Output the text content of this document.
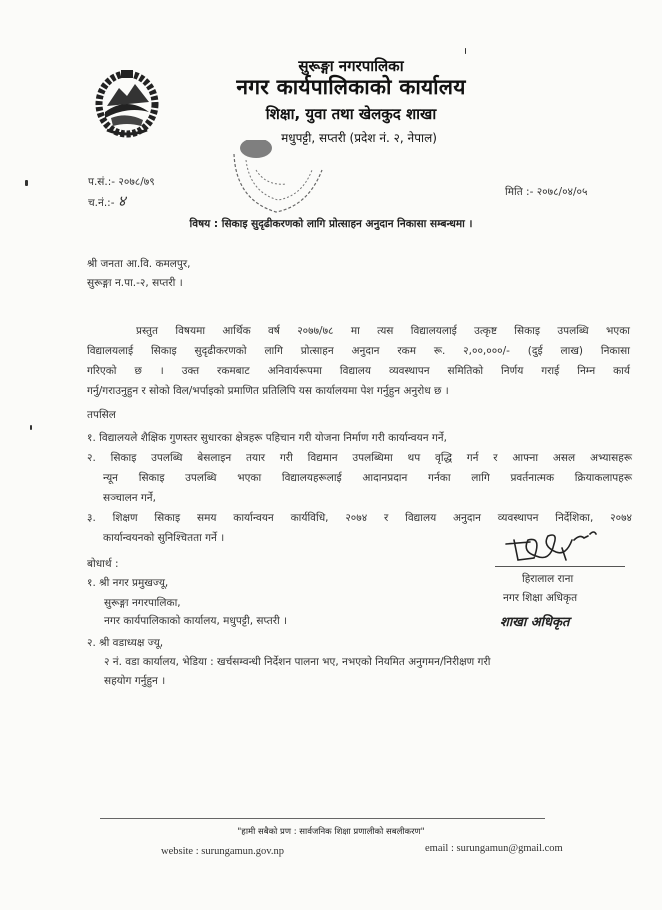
सुरूङ्गा नगरपालिका
नगर कार्यपालिकाको कार्यालय
शिक्षा, युवा तथा खेलकुद शाखा
मधुपट्टी, सप्तरी (प्रदेश नं. २, नेपाल)
प.सं.:- २०७८/७९
च.नं.:- ४	मिति :- २०७८/०४/०५
विषय : सिकाइ सुदृढीकरणको लागि प्रोत्साहन अनुदान निकासा सम्बन्धमा ।
श्री जनता आ.वि. कमलपुर,
सुरूङ्गा न.पा.-२, सप्तरी ।
प्रस्तुत विषयमा आर्थिक वर्ष २०७७/७८ मा त्यस विद्यालयलाई उत्कृष्ट सिकाइ उपलब्धि भएका
विद्यालयलाई सिकाइ सुदृढीकरणको लागि प्रोत्साहन अनुदान रकम रू. २,००,०००/- (दुई लाख) निकासा
गरिएको छ । उक्त रकमबाट अनिवार्यरूपमा विद्यालय व्यवस्थापन समितिको निर्णय गराई निम्न कार्य
गर्नु/गराउनुहुन र सोको विल/भर्पाइको प्रमाणित प्रतिलिपि यस कार्यालयमा पेश गर्नुहुन अनुरोध छ ।
तपसिल
१. विद्यालयले शैक्षिक गुणस्तर सुधारका क्षेत्रहरू पहिचान गरी योजना निर्माण गरी कार्यान्वयन गर्ने,
२. सिकाइ उपलब्धि बेसलाइन तयार गरी विद्यमान उपलब्धिमा थप वृद्धि गर्न र आफ्ना असल अभ्यासहरू
न्यून सिकाइ उपलब्धि भएका विद्यालयहरूलाई आदानप्रदान गर्नका लागि प्रवर्तनात्मक क्रियाकलापहरू
सञ्चालन गर्ने,
३. शिक्षण सिकाइ समय कार्यान्वयन कार्यविधि, २०७४ र विद्यालय अनुदान व्यवस्थापन निर्देशिका, २०७४
कार्यान्वयनको सुनिश्चितता गर्ने ।
हिरालाल राना
नगर शिक्षा अधिकृत
शाखा अधिकृत
बोधार्थ :
१. श्री नगर प्रमुखज्यू,
सुरूङ्गा नगरपालिका,
नगर कार्यपालिकाको कार्यालय, मधुपट्टी, सप्तरी ।
२. श्री वडाध्यक्ष ज्यू,
२ नं. वडा कार्यालय, भेडिया : खर्चसम्वन्धी निर्देशन पालना भए, नभएको नियमित अनुगमन/निरीक्षण गरी
सहयोग गर्नुहुन ।
"हामी सबैको प्रण : सार्वजनिक शिक्षा प्रणालीको सबलीकरण"
website : surungamun.gov.np	email : surungamun@gmail.com
